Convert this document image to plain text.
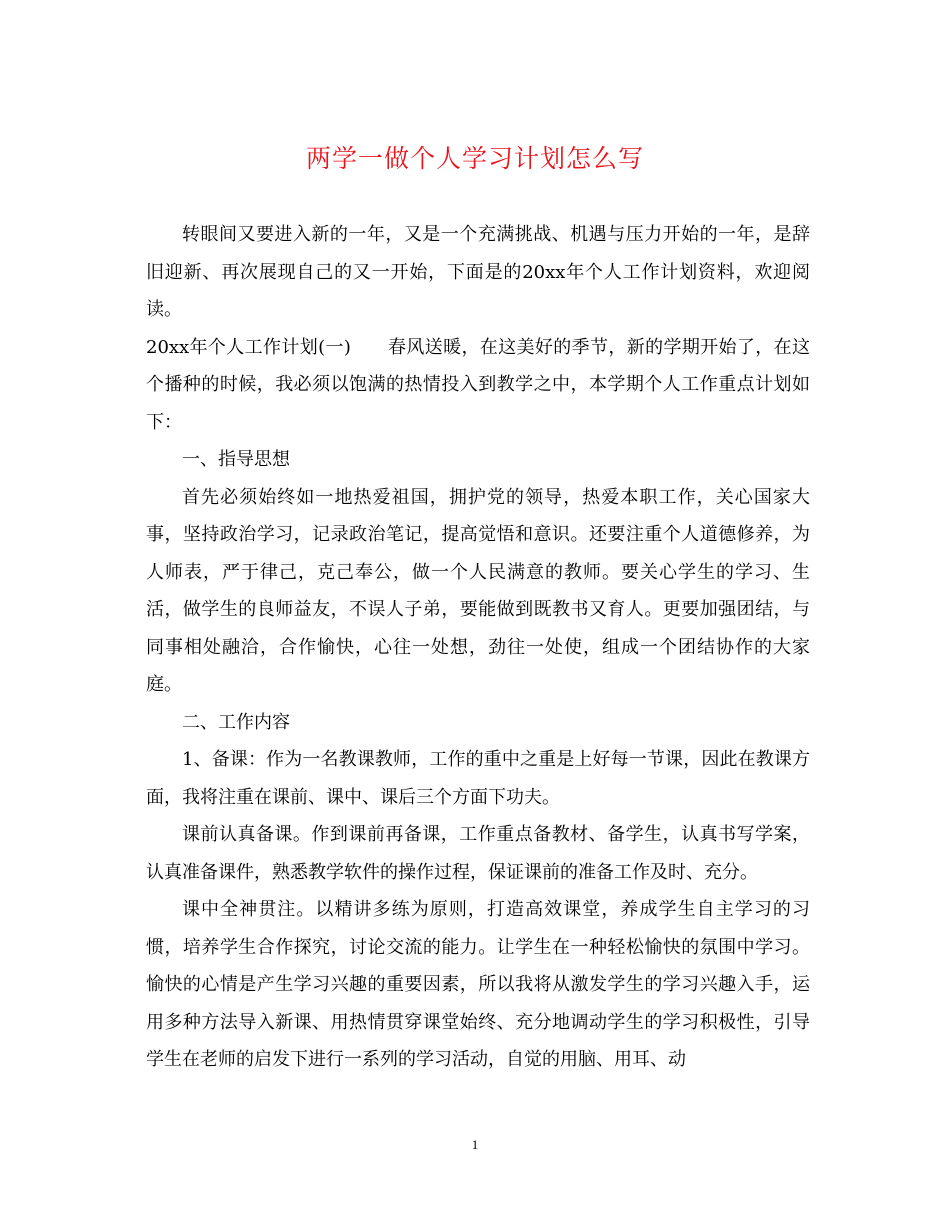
两学一做个人学习计划怎么写

转眼间又要进入新的一年，又是一个充满挑战、机遇与压力开始的一年，是辞旧迎新、再次展现自己的又一开始，下面是的20xx年个人工作计划资料，欢迎阅读。

20xx年个人工作计划(一)　　春风送暖，在这美好的季节，新的学期开始了，在这个播种的时候，我必须以饱满的热情投入到教学之中，本学期个人工作重点计划如下：

一、指导思想

首先必须始终如一地热爱祖国，拥护党的领导，热爱本职工作，关心国家大事，坚持政治学习，记录政治笔记，提高觉悟和意识。还要注重个人道德修养，为人师表，严于律己，克己奉公，做一个人民满意的教师。要关心学生的学习、生活，做学生的良师益友，不误人子弟，要能做到既教书又育人。更要加强团结，与同事相处融洽，合作愉快，心往一处想，劲往一处使，组成一个团结协作的大家庭。

二、工作内容

1、备课：作为一名教课教师，工作的重中之重是上好每一节课，因此在教课方面，我将注重在课前、课中、课后三个方面下功夫。

课前认真备课。作到课前再备课，工作重点备教材、备学生，认真书写学案，认真准备课件，熟悉教学软件的操作过程，保证课前的准备工作及时、充分。

课中全神贯注。以精讲多练为原则，打造高效课堂，养成学生自主学习的习惯，培养学生合作探究，讨论交流的能力。让学生在一种轻松愉快的氛围中学习。愉快的心情是产生学习兴趣的重要因素，所以我将从激发学生的学习兴趣入手，运用多种方法导入新课、用热情贯穿课堂始终、充分地调动学生的学习积极性，引导学生在老师的启发下进行一系列的学习活动，自觉的用脑、用耳、动

1
